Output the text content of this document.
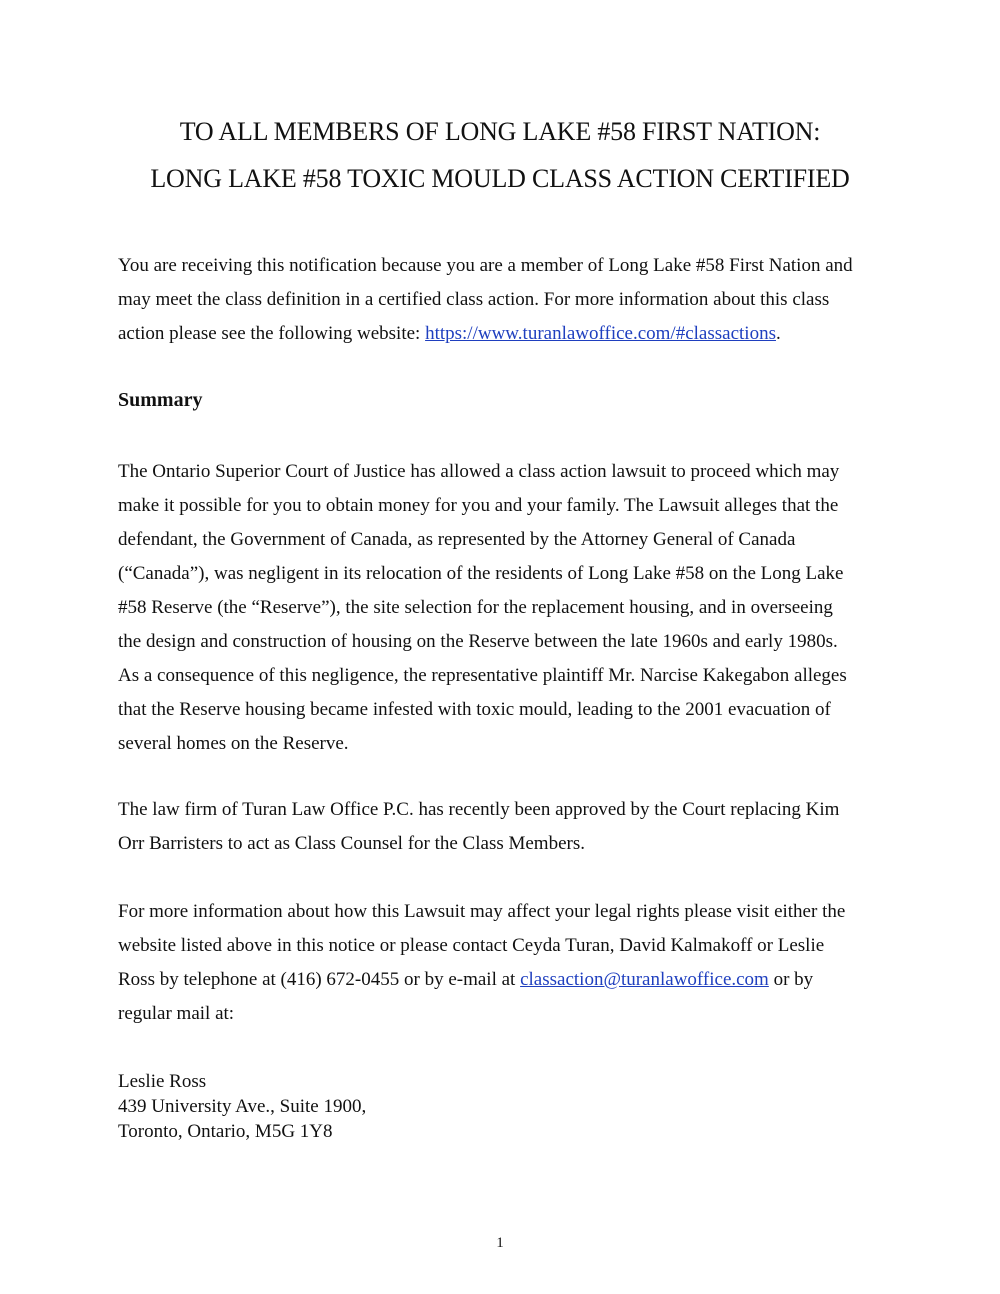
TO ALL MEMBERS OF LONG LAKE #58 FIRST NATION:
LONG LAKE #58 TOXIC MOULD CLASS ACTION CERTIFIED

You are receiving this notification because you are a member of Long Lake #58 First Nation and
may meet the class definition in a certified class action. For more information about this class
action please see the following website: https://www.turanlawoffice.com/#classactions.

Summary

The Ontario Superior Court of Justice has allowed a class action lawsuit to proceed which may
make it possible for you to obtain money for you and your family. The Lawsuit alleges that the
defendant, the Government of Canada, as represented by the Attorney General of Canada
(“Canada”), was negligent in its relocation of the residents of Long Lake #58 on the Long Lake
#58 Reserve (the “Reserve”), the site selection for the replacement housing, and in overseeing
the design and construction of housing on the Reserve between the late 1960s and early 1980s.
As a consequence of this negligence, the representative plaintiff Mr. Narcise Kakegabon alleges
that the Reserve housing became infested with toxic mould, leading to the 2001 evacuation of
several homes on the Reserve.

The law firm of Turan Law Office P.C. has recently been approved by the Court replacing Kim
Orr Barristers to act as Class Counsel for the Class Members.

For more information about how this Lawsuit may affect your legal rights please visit either the
website listed above in this notice or please contact Ceyda Turan, David Kalmakoff or Leslie
Ross by telephone at (416) 672-0455 or by e-mail at classaction@turanlawoffice.com or by
regular mail at:

Leslie Ross
439 University Ave., Suite 1900,
Toronto, Ontario, M5G 1Y8
1
